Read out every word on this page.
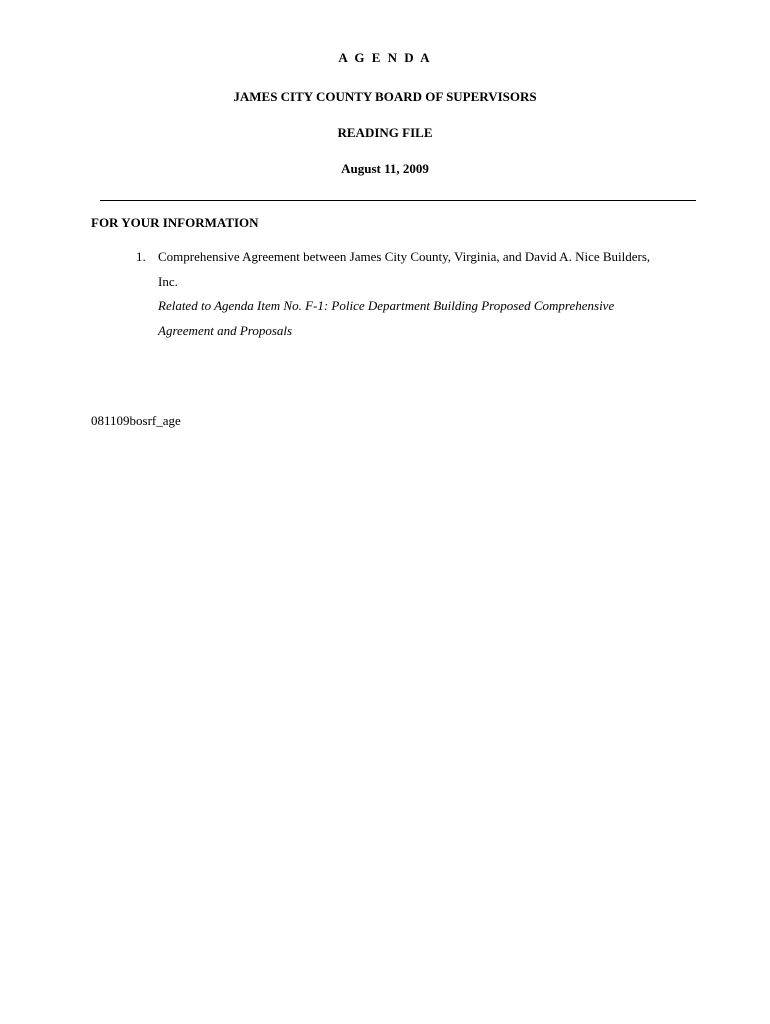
A G E N D A
JAMES CITY COUNTY BOARD OF SUPERVISORS
READING FILE
August 11, 2009
FOR YOUR INFORMATION
1. Comprehensive Agreement between James City County, Virginia, and David A. Nice Builders, Inc.
Related to Agenda Item No. F-1: Police Department Building Proposed Comprehensive Agreement and Proposals
081109bosrf_age
